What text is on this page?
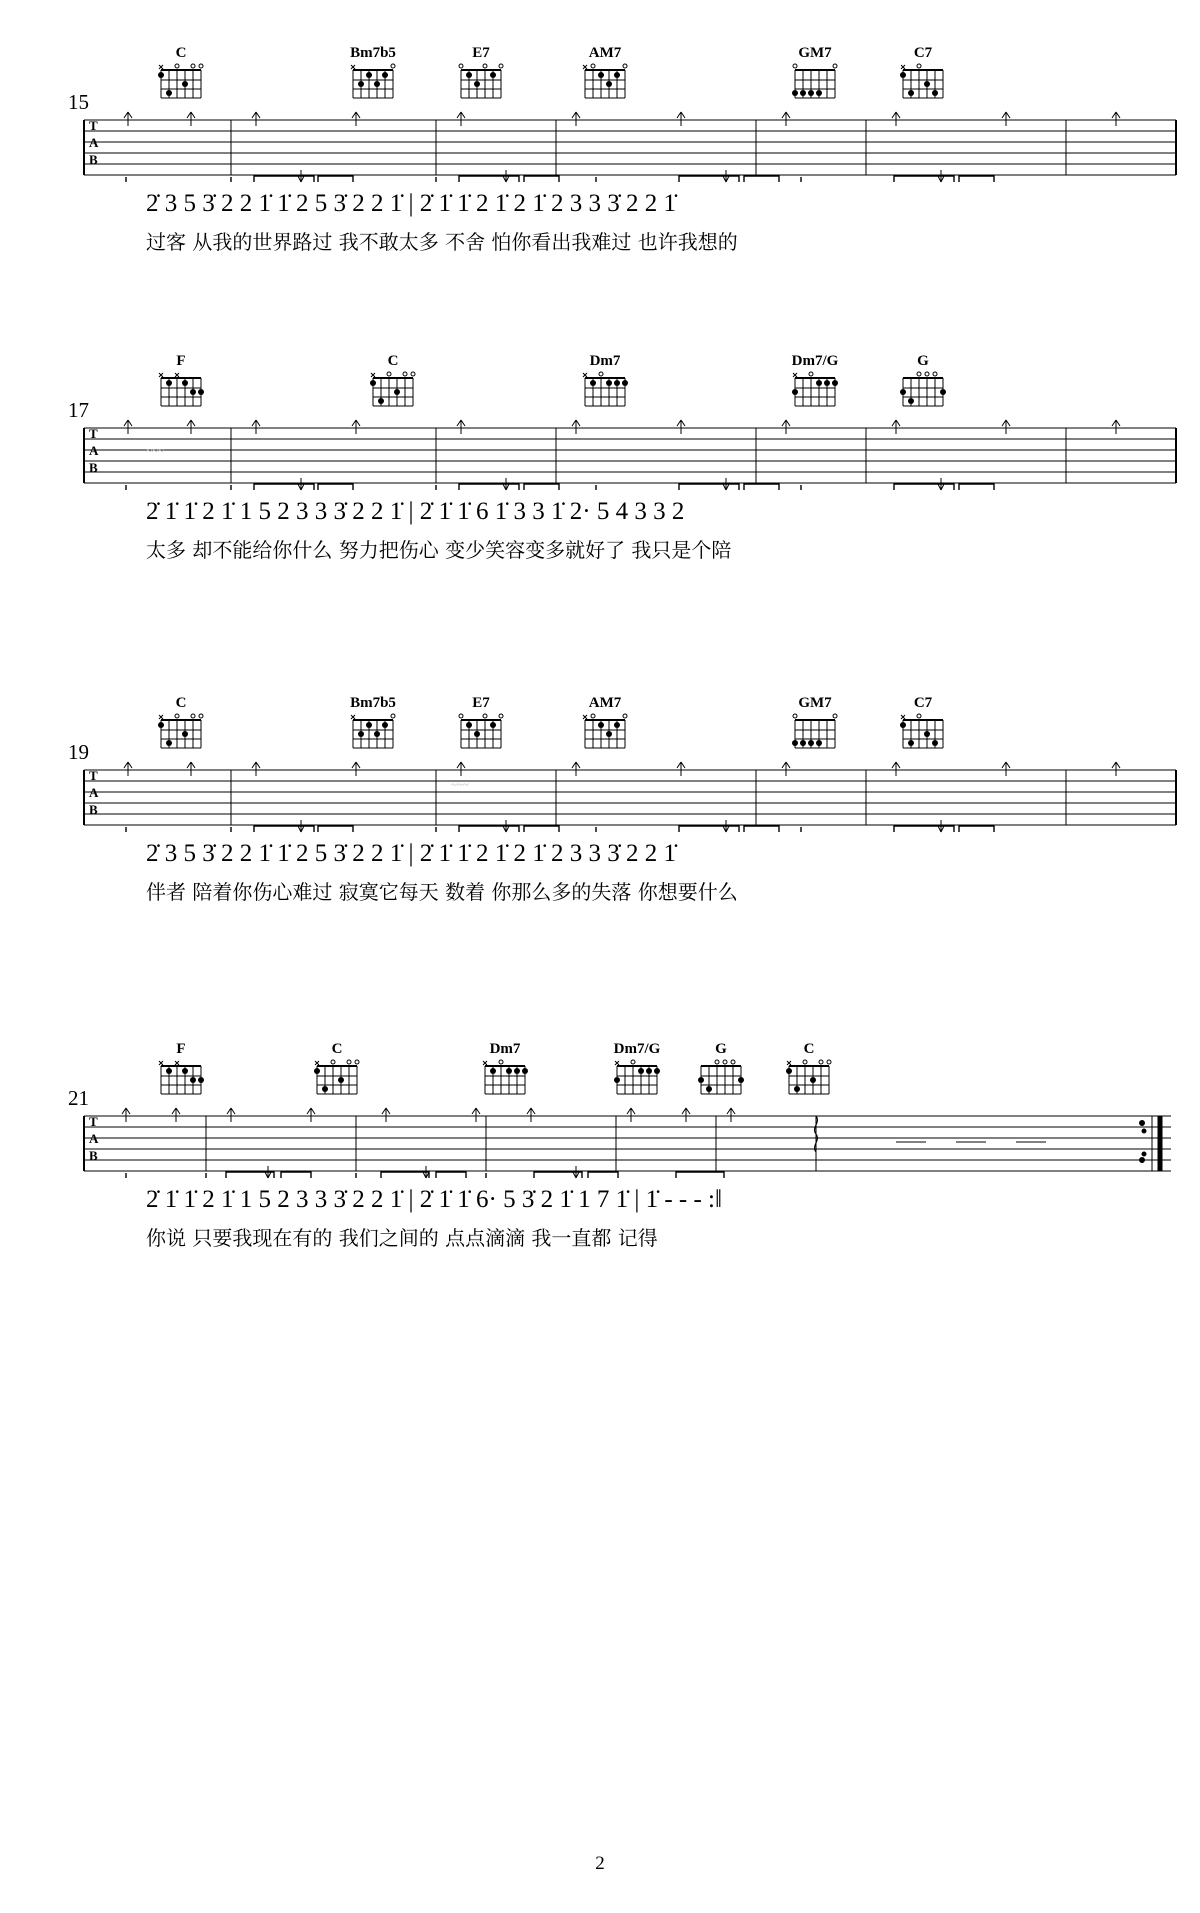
15
C	Bm7b5	E7	AM7	GM7	C7
T
A
B
2̇ 3 5 3̇ 2 2 1̇ 1̇ 2 5 3̇ 2 2 1̇ | 2̇ 1̇ 1̇ 2 1̇ 2 1̇ 2 3 3 3̇ 2 2 1̇
过客 从我的世界路过 我不敢太多 不舍 怕你看出我难过 也许我想的
17
F	C	Dm7	Dm7/G	G
T
A
B
~~~
2̇ 1̇ 1̇ 2 1̇ 1 5 2 3 3 3̇ 2 2 1̇ | 2̇ 1̇ 1̇ 6 1̇ 3 3 1̇ 2· 5 4 3 3 2
太多 却不能给你什么 努力把伤心 变少笑容变多就好了 我只是个陪
19
C	Bm7b5	E7	AM7	GM7	C7
T
A
B
~~~
2̇ 3 5 3̇ 2 2 1̇ 1̇ 2 5 3̇ 2 2 1̇ | 2̇ 1̇ 1̇ 2 1̇ 2 1̇ 2 3 3 3̇ 2 2 1̇
伴者 陪着你伤心难过 寂寞它每天 数着 你那么多的失落 你想要什么
21
F	C	Dm7	Dm7/G	G	C
T
A
B
2̇ 1̇ 1̇ 2 1̇ 1 5 2 3 3 3̇ 2 2 1̇ | 2̇ 1̇ 1̇ 6· 5 3̇ 2 1̇ 1 7 1̇ | 1̇ - - - :‖
你说 只要我现在有的 我们之间的 点点滴滴 我一直都 记得
2
